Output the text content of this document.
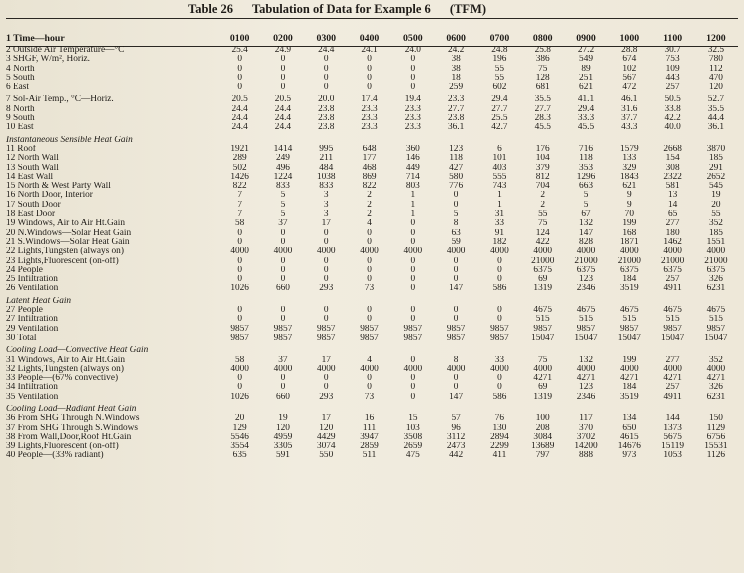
Table 26 Tabulation of Data for Example 6 (TFM)
1 Time—hour	0100	0200	0300	0400	0500	0600	0700	0800	0900	1000	1100	1200
2 Outside Air Temperature—°C	25.4	24.9	24.4	24.1	24.0	24.2	24.8	25.8	27.2	28.8	30.7	32.5
3 SHGF, W/m², Horiz.	0	0	0	0	0	38	196	386	549	674	753	780
4 North	0	0	0	0	0	38	55	75	89	102	109	112
5 South	0	0	0	0	0	18	55	128	251	567	443	470
6 East	0	0	0	0	0	259	602	681	621	472	257	120
7 Sol-Air Temp., °C—Horiz.	20.5	20.5	20.0	17.4	19.4	23.3	29.4	35.5	41.1	46.1	50.5	52.7
8 North	24.4	24.4	23.8	23.3	23.3	27.7	27.7	27.7	29.4	31.6	33.8	35.5
9 South	24.4	24.4	23.8	23.3	23.3	23.8	25.5	28.3	33.3	37.7	42.2	44.4
10 East	24.4	24.4	23.8	23.3	23.3	36.1	42.7	45.5	45.5	43.3	40.0	36.1
Instantaneous Sensible Heat Gain
11 Roof	1921	1414	995	648	360	123	6	176	716	1579	2668	3870
12 North Wall	289	249	211	177	146	118	101	104	118	133	154	185
13 South Wall	502	496	484	468	449	427	403	379	353	329	308	291
14 East Wall	1426	1224	1038	869	714	580	555	812	1296	1843	2322	2652
15 North & West Party Wall	822	833	833	822	803	776	743	704	663	621	581	545
16 North Door, Interior	7	5	3	2	1	0	1	2	5	9	13	19
17 South Door	7	5	3	2	1	0	1	2	5	9	14	20
18 East Door	7	5	3	2	1	5	31	55	67	70	65	55
19 Windows, Air to Air Ht.Gain	58	37	17	4	0	8	33	75	132	199	277	352
20 N.Windows—Solar Heat Gain	0	0	0	0	0	63	91	124	147	168	180	185
21 S.Windows—Solar Heat Gain	0	0	0	0	0	59	182	422	828	1871	1462	1551
22 Lights,Tungsten (always on)	4000	4000	4000	4000	4000	4000	4000	4000	4000	4000	4000	4000
23 Lights,Fluorescent (on-off)	0	0	0	0	0	0	0	21000	21000	21000	21000	21000
24 People	0	0	0	0	0	0	0	6375	6375	6375	6375	6375
25 Infiltration	0	0	0	0	0	0	0	69	123	184	257	326
26 Ventilation	1026	660	293	73	0	147	586	1319	2346	3519	4911	6231
Latent Heat Gain
27 People	0	0	0	0	0	0	0	4675	4675	4675	4675	4675
27 Infiltration	0	0	0	0	0	0	0	515	515	515	515	515
29 Ventilation	9857	9857	9857	9857	9857	9857	9857	9857	9857	9857	9857	9857
30 Total	9857	9857	9857	9857	9857	9857	9857	15047	15047	15047	15047	15047
Cooling Load—Convective Heat Gain
31 Windows, Air to Air Ht.Gain	58	37	17	4	0	8	33	75	132	199	277	352
32 Lights,Tungsten (always on)	4000	4000	4000	4000	4000	4000	4000	4000	4000	4000	4000	4000
33 People—(67% convective)	0	0	0	0	0	0	0	4271	4271	4271	4271	4271
34 Infiltration	0	0	0	0	0	0	0	69	123	184	257	326
35 Ventilation	1026	660	293	73	0	147	586	1319	2346	3519	4911	6231
Cooling Load—Radiant Heat Gain
36 From SHG Through N.Windows	20	19	17	16	15	57	76	100	117	134	144	150
37 From SHG Through S.Windows	129	120	120	111	103	96	130	208	370	650	1373	1129
38 From Wall,Door,Roof Ht.Gain	5546	4959	4429	3947	3508	3112	2894	3084	3702	4615	5675	6756
39 Lights,Fluorescent (on-off)	3554	3305	3074	2859	2659	2473	2299	13689	14200	14676	15119	15531
40 People—(33% radiant)	635	591	550	511	475	442	411	797	888	973	1053	1126
